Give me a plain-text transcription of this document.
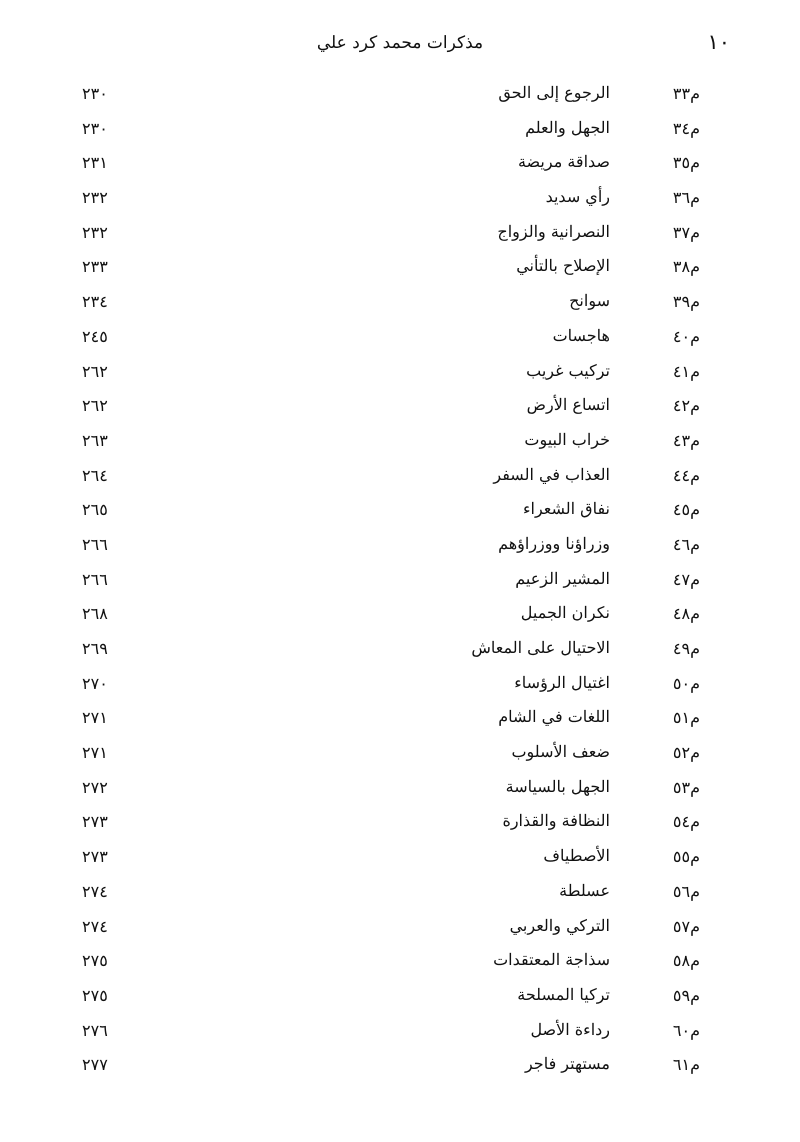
١٠
مذكرات محمد كرد علي
م٣٣
الرجوع إلى الحق
٢٣٠
م٣٤
الجهل والعلم
٢٣٠
م٣٥
صداقة مريضة
٢٣١
م٣٦
رأي سديد
٢٣٢
م٣٧
النصرانية والزواج
٢٣٢
م٣٨
الإصلاح بالتأني
٢٣٣
م٣٩
سوانح
٢٣٤
م٤٠
هاجسات
٢٤٥
م٤١
تركيب غريب
٢٦٢
م٤٢
اتساع الأرض
٢٦٢
م٤٣
خراب البيوت
٢٦٣
م٤٤
العذاب في السفر
٢٦٤
م٤٥
نفاق الشعراء
٢٦٥
م٤٦
وزراؤنا ووزراؤهم
٢٦٦
م٤٧
المشير الزعيم
٢٦٦
م٤٨
نكران الجميل
٢٦٨
م٤٩
الاحتيال على المعاش
٢٦٩
م٥٠
اغتيال الرؤساء
٢٧٠
م٥١
اللغات في الشام
٢٧١
م٥٢
ضعف الأسلوب
٢٧١
م٥٣
الجهل بالسياسة
٢٧٢
م٥٤
النظافة والقذارة
٢٧٣
م٥٥
الأصطياف
٢٧٣
م٥٦
عسلطة
٢٧٤
م٥٧
التركي والعربي
٢٧٤
م٥٨
سذاجة المعتقدات
٢٧٥
م٥٩
تركيا المسلحة
٢٧٥
م٦٠
رداءة الأصل
٢٧٦
م٦١
مستهتر فاجر
٢٧٧
